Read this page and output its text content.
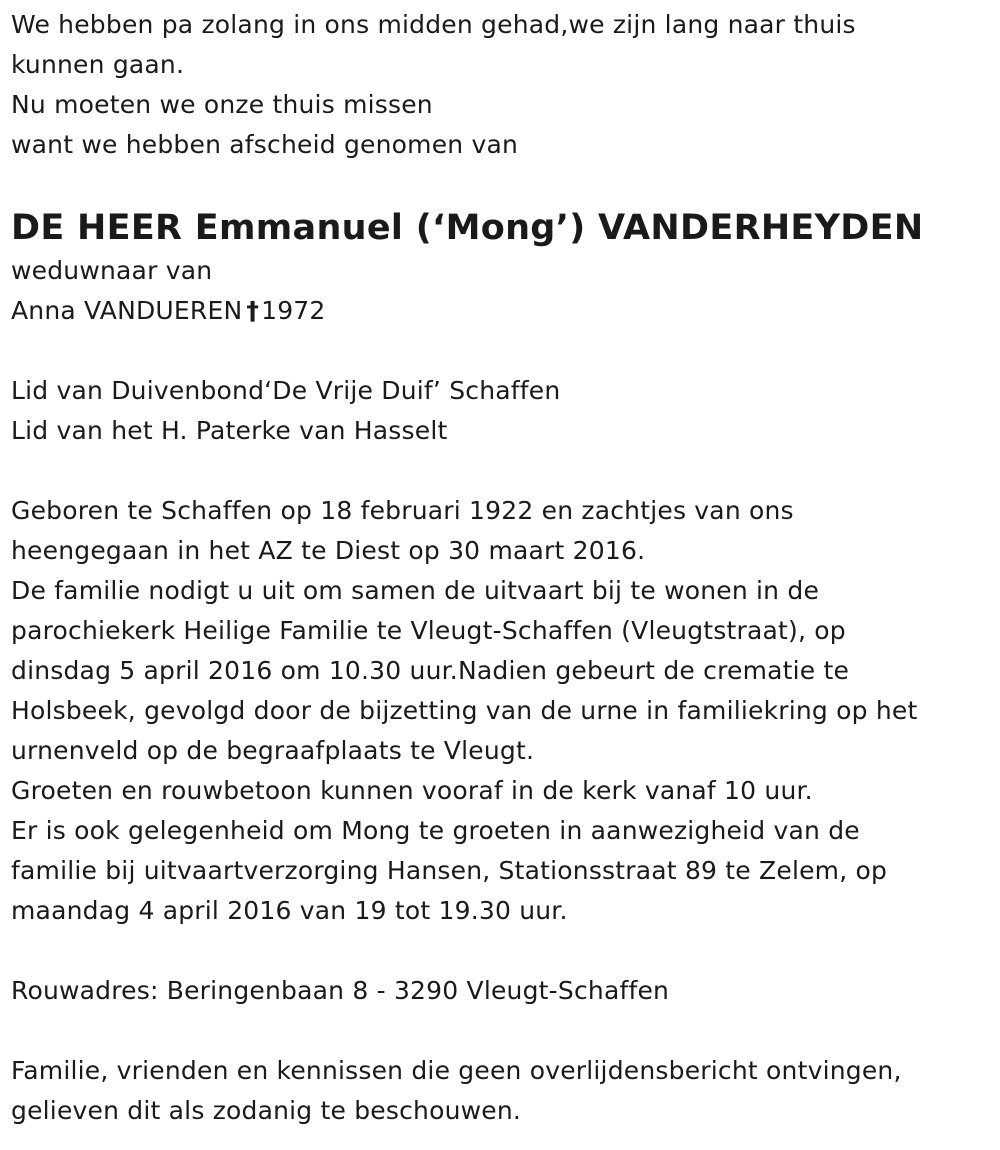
We hebben pa zolang in ons midden gehad,we zijn lang naar thuis
kunnen gaan.
Nu moeten we onze thuis missen
want we hebben afscheid genomen van
DE HEER Emmanuel (‘Mong’) VANDERHEYDEN
weduwnaar van
Anna VANDUEREN †1972
Lid van Duivenbond‘De Vrije Duif’ Schaffen
Lid van het H. Paterke van Hasselt
Geboren te Schaffen op 18 februari 1922 en zachtjes van ons
heengegaan in het AZ te Diest op 30 maart 2016.
De familie nodigt u uit om samen de uitvaart bij te wonen in de
parochiekerk Heilige Familie te Vleugt-Schaffen (Vleugtstraat), op
dinsdag 5 april 2016 om 10.30 uur.Nadien gebeurt de crematie te
Holsbeek, gevolgd door de bijzetting van de urne in familiekring op het
urnenveld op de begraafplaats te Vleugt.
Groeten en rouwbetoon kunnen vooraf in de kerk vanaf 10 uur.
Er is ook gelegenheid om Mong te groeten in aanwezigheid van de
familie bij uitvaartverzorging Hansen, Stationsstraat 89 te Zelem, op
maandag 4 april 2016 van 19 tot 19.30 uur.
Rouwadres: Beringenbaan 8 - 3290 Vleugt-Schaffen
Familie, vrienden en kennissen die geen overlijdensbericht ontvingen,
gelieven dit als zodanig te beschouwen.
